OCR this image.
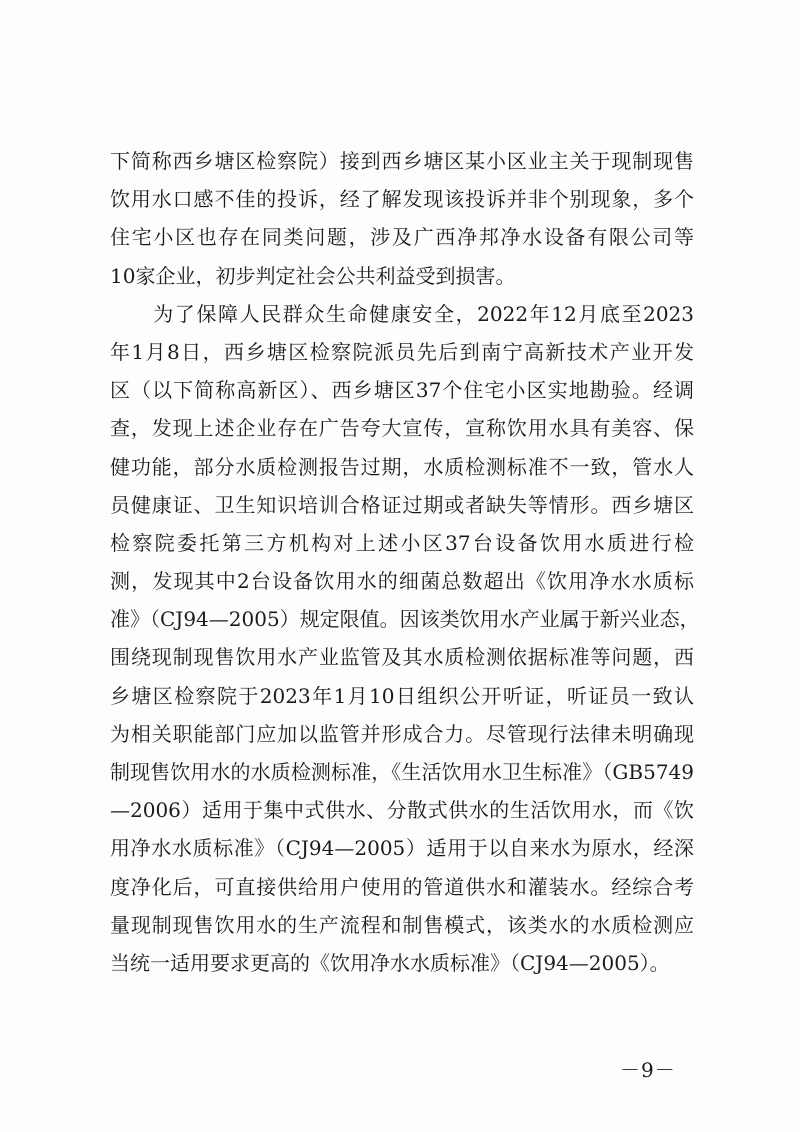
下简称西乡塘区检察院）接到西乡塘区某小区业主关于现制现售
饮用水口感不佳的投诉，经了解发现该投诉并非个别现象，多个
住宅小区也存在同类问题，涉及广西净邦净水设备有限公司等
10家企业，初步判定社会公共利益受到损害。
　　为了保障人民群众生命健康安全，2022年12月底至2023
年1月8日，西乡塘区检察院派员先后到南宁高新技术产业开发
区（以下简称高新区）、西乡塘区37个住宅小区实地勘验。经调
查，发现上述企业存在广告夸大宣传，宣称饮用水具有美容、保
健功能，部分水质检测报告过期，水质检测标准不一致，管水人
员健康证、卫生知识培训合格证过期或者缺失等情形。西乡塘区
检察院委托第三方机构对上述小区37台设备饮用水质进行检
测，发现其中2台设备饮用水的细菌总数超出《饮用净水水质标
准》（CJ94—2005）规定限值。因该类饮用水产业属于新兴业态，
围绕现制现售饮用水产业监管及其水质检测依据标准等问题，西
乡塘区检察院于2023年1月10日组织公开听证，听证员一致认
为相关职能部门应加以监管并形成合力。尽管现行法律未明确现
制现售饮用水的水质检测标准，《生活饮用水卫生标准》（GB5749
—2006）适用于集中式供水、分散式供水的生活饮用水，而《饮
用净水水质标准》（CJ94—2005）适用于以自来水为原水，经深
度净化后，可直接供给用户使用的管道供水和灌装水。经综合考
量现制现售饮用水的生产流程和制售模式，该类水的水质检测应
当统一适用要求更高的《饮用净水水质标准》（CJ94—2005）。
－9－
